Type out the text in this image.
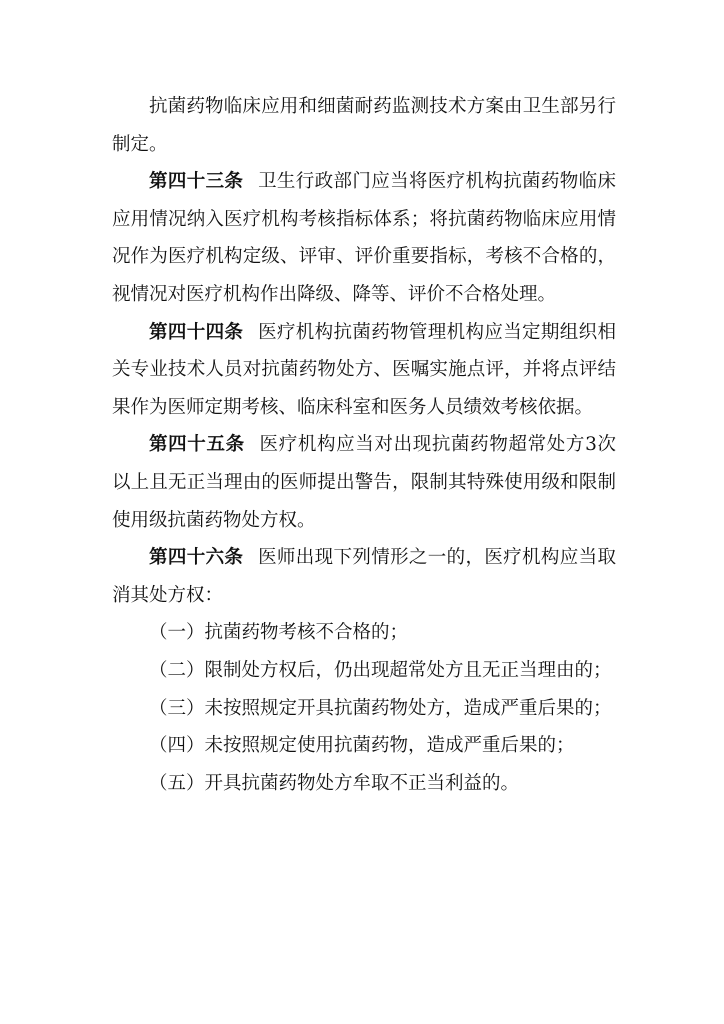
抗菌药物临床应用和细菌耐药监测技术方案由卫生部另行制定。

第四十三条 卫生行政部门应当将医疗机构抗菌药物临床应用情况纳入医疗机构考核指标体系；将抗菌药物临床应用情况作为医疗机构定级、评审、评价重要指标，考核不合格的，视情况对医疗机构作出降级、降等、评价不合格处理。

第四十四条 医疗机构抗菌药物管理机构应当定期组织相关专业技术人员对抗菌药物处方、医嘱实施点评，并将点评结果作为医师定期考核、临床科室和医务人员绩效考核依据。

第四十五条 医疗机构应当对出现抗菌药物超常处方3次以上且无正当理由的医师提出警告，限制其特殊使用级和限制使用级抗菌药物处方权。

第四十六条 医师出现下列情形之一的，医疗机构应当取消其处方权：

（一）抗菌药物考核不合格的；

（二）限制处方权后，仍出现超常处方且无正当理由的；

（三）未按照规定开具抗菌药物处方，造成严重后果的；

（四）未按照规定使用抗菌药物，造成严重后果的；

（五）开具抗菌药物处方牟取不正当利益的。
